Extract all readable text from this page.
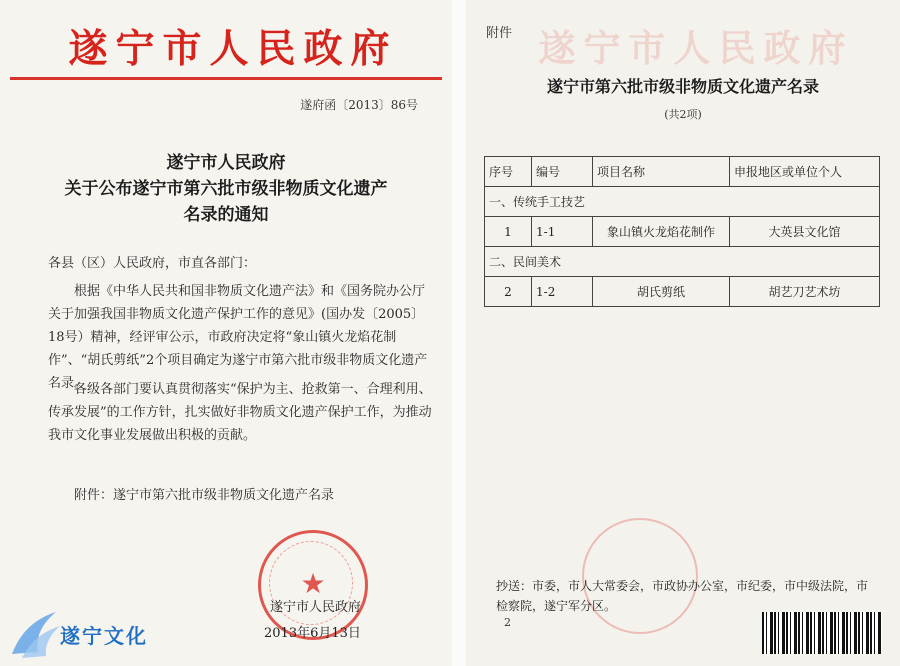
遂宁市人民政府
遂府函〔2013〕86号
遂宁市人民政府
关于公布遂宁市第六批市级非物质文化遗产
名录的通知
各县（区）人民政府，市直各部门：
根据《中华人民共和国非物质文化遗产法》和《国务院办公厅关于加强我国非物质文化遗产保护工作的意见》(国办发〔2005〕18号）精神，经评审公示，市政府决定将“象山镇火龙焰花制作”、“胡氏剪纸”2个项目确定为遂宁市第六批市级非物质文化遗产名录。
各级各部门要认真贯彻落实“保护为主、抢救第一、合理利用、传承发展”的工作方针，扎实做好非物质文化遗产保护工作，为推动我市文化事业发展做出积极的贡献。
附件：遂宁市第六批市级非物质文化遗产名录
★
遂宁市人民政府
2013年6月13日
遂宁文化
遂宁市人民政府
附件
遂宁市第六批市级非物质文化遗产名录
(共2项)
序号	编号	项目名称	申报地区或单位个人
一、传统手工技艺			
1	1-1	象山镇火龙焰花制作	大英县文化馆
二、民间美术			
2	1-2	胡氏剪纸	胡艺刀艺术坊
抄送：市委，市人大常委会，市政协办公室，市纪委，市中级法院，市检察院，遂宁军分区。
2
